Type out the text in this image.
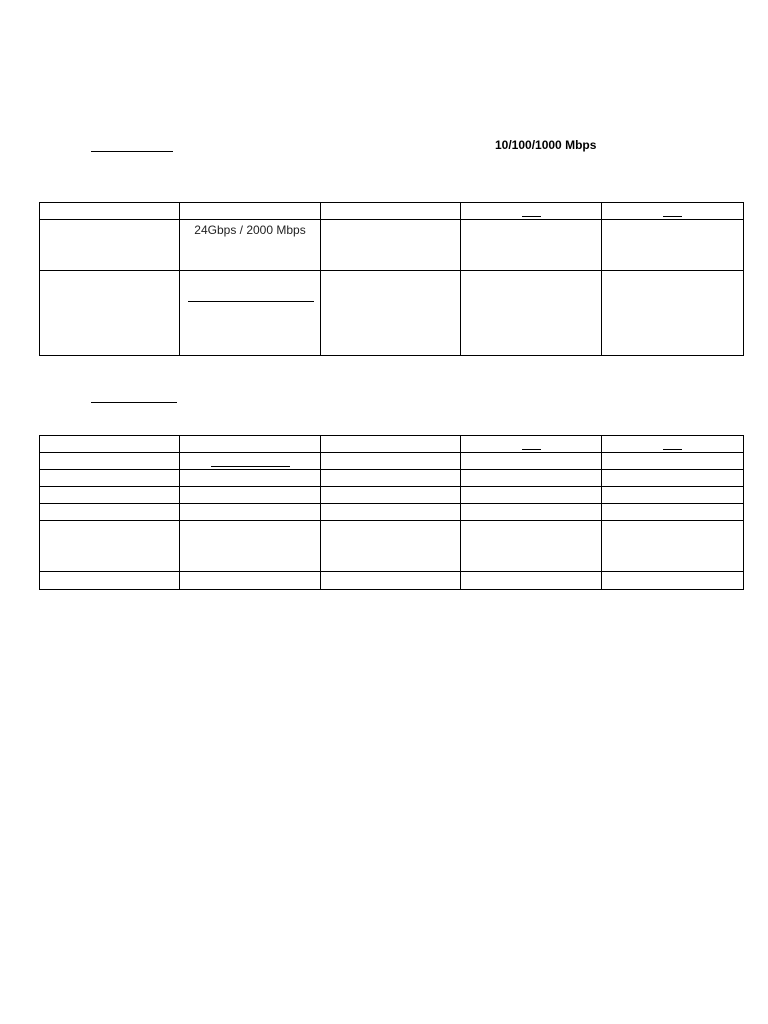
10/100/1000 Mbps

	24Gbps / 2000 Mbps			
